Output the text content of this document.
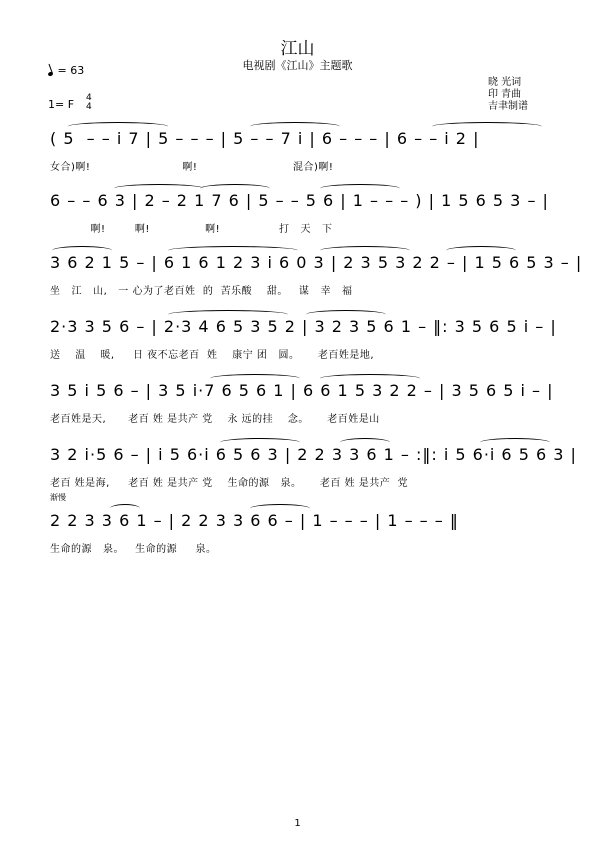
江山
电视剧《江山》主题歌
= 63
1= F 4
4
晓 光词
印 青曲
吉聿制谱
( 5  – – i 7 | 5 – – – | 5 – – 7 i | 6 – – – | 6 – – i 2 |
女合)啊!                         啊!                          混合)啊!
6 – – 6 3 | 2 – 2 1 7 6 | 5 – – 5 6 | 1 – – – ) | 1 5 6 5 3 – |
啊!        啊!               啊!                打   天   下
3 6 2 1 5 – | 6 1 6 1 2 3 i 6 0 3 | 2 3 5 3 2 2 – | 1 5 6 5 3 – |
坐   江   山,   一 心为了老百姓  的  苦乐酸    甜。   谋   幸   福
2·3 3 5 6 – | 2·3 4 6 5 3 5 2 | 3 2 3 5 6 1 – ‖: 3 5 6 5 i – |
送    温    暖,     日 夜不忘老百  姓    康宁 团   圆。     老百姓是地,
3 5 i 5 6 – | 3 5 i·7 6 5 6 1 | 6 6 1 5 3 2 2 – | 3 5 6 5 i – |
老百姓是天,      老百 姓 是共产 党    永 远的挂    念。     老百姓是山
3 2 i·5 6 – | i 5 6·i 6 5 6 3 | 2 2 3 3 6 1 – :‖: i 5 6·i 6 5 6 3 |
老百 姓是海,     老百 姓 是共产 党    生命的源   泉。     老百 姓 是共产  党
渐慢
2 2 3 3 6 1 – | 2 2 3 3 6 6 – | 1 – – – | 1 – – – ‖
生命的源   泉。   生命的源     泉。
1
